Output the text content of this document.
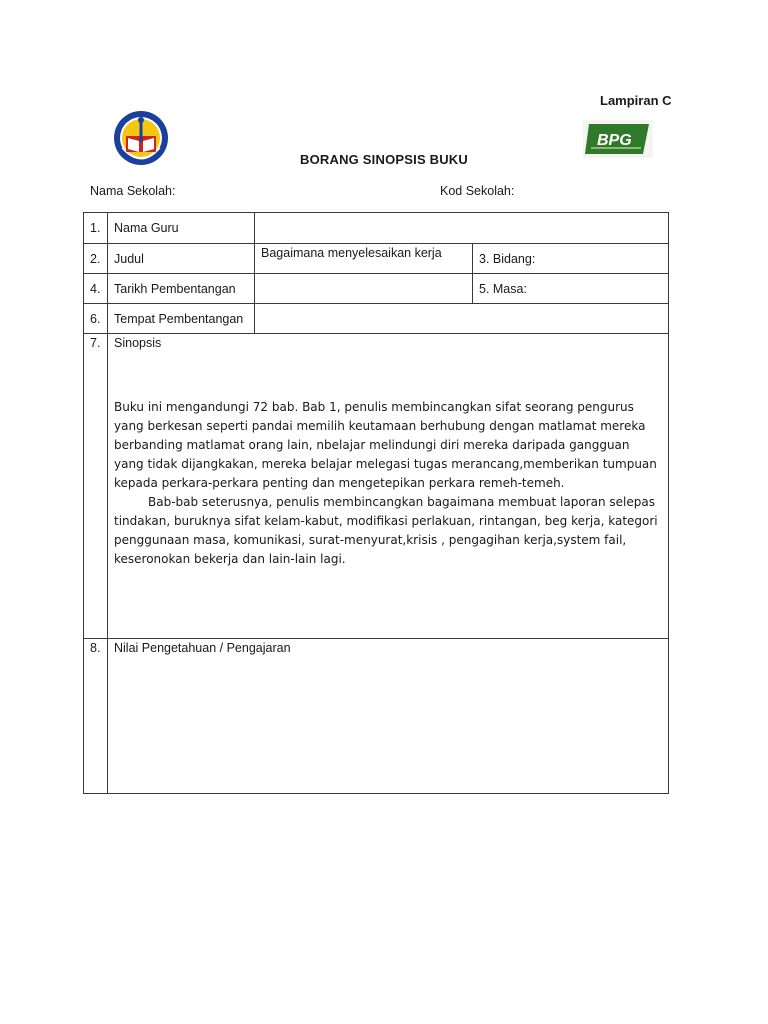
BPG
Lampiran C
BORANG SINOPSIS BUKU
Nama Sekolah:	Kod Sekolah:
1.	Nama Guru		
2.	Judul	Bagaimana menyelesaikan kerja	3. Bidang:
4.	Tarikh Pembentangan		5. Masa:
6.	Tempat Pembentangan		
7.	Sinopsis

Buku ini mengandungi 72 bab. Bab 1, penulis membincangkan sifat seorang pengurus yang berkesan seperti pandai memilih keutamaan berhubung dengan matlamat mereka berbanding matlamat orang lain, nbelajar melindungi diri mereka daripada gangguan yang tidak dijangkakan, mereka belajar melegasi tugas merancang,memberikan tumpuan kepada perkara-perkara penting dan mengetepikan perkara remeh-temeh.

Bab-bab seterusnya, penulis membincangkan bagaimana membuat laporan selepas tindakan, buruknya sifat kelam-kabut, modifikasi perlakuan, rintangan, beg kerja, kategori penggunaan masa, komunikasi, surat-menyurat,krisis , pengagihan kerja,system fail, keseronokan bekerja dan lain-lain lagi.		

8.	Nilai Pengetahuan / Pengajaran		
